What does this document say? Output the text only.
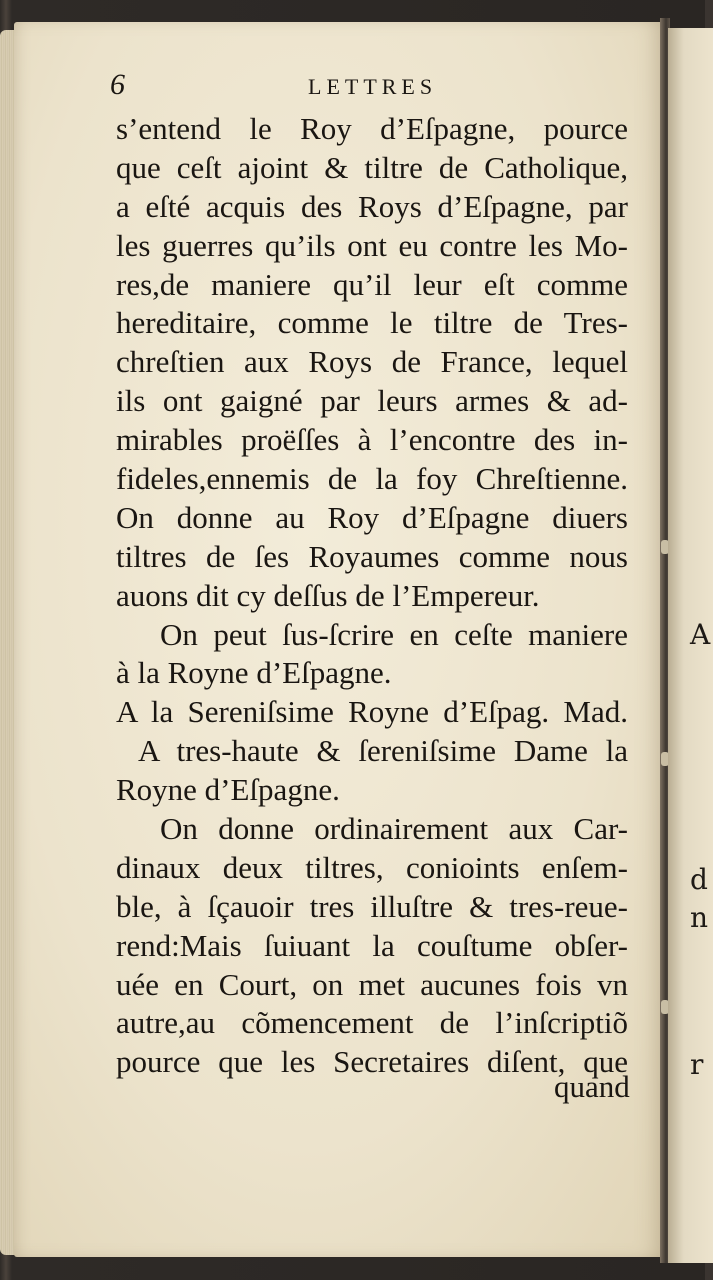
A
d
n
r
6	LETTRES
s’entend le Roy d’Eſpagne, pource
que ceſt ajoint & tiltre de Catholique,
a eſté acquis des Roys d’Eſpagne, par
les guerres qu’ils ont eu contre les Mo-
res,de maniere qu’il leur eſt comme
hereditaire, comme le tiltre de Tres-
chreſtien aux Roys de France, lequel
ils ont gaigné par leurs armes & ad-
mirables proëſſes à l’encontre des in-
fideles,ennemis de la foy Chreſtienne.
On donne au Roy d’Eſpagne diuers
tiltres de ſes Royaumes comme nous
auons dit cy deſſus de l’Empereur.
On peut ſus-ſcrire en ceſte maniere
à la Royne d’Eſpagne.
A la Sereniſsime Royne d’Eſpag. Mad.
A tres-haute & ſereniſsime Dame la
Royne d’Eſpagne.
On donne ordinairement aux Car-
dinaux deux tiltres, conioints enſem-
ble, à ſçauoir tres illuſtre & tres-reue-
rend:Mais ſuiuant la couſtume obſer-
uée en Court, on met aucunes fois vn
autre,au cõmencement de l’inſcriptiõ
pource que les Secretaires diſent, que
quand
